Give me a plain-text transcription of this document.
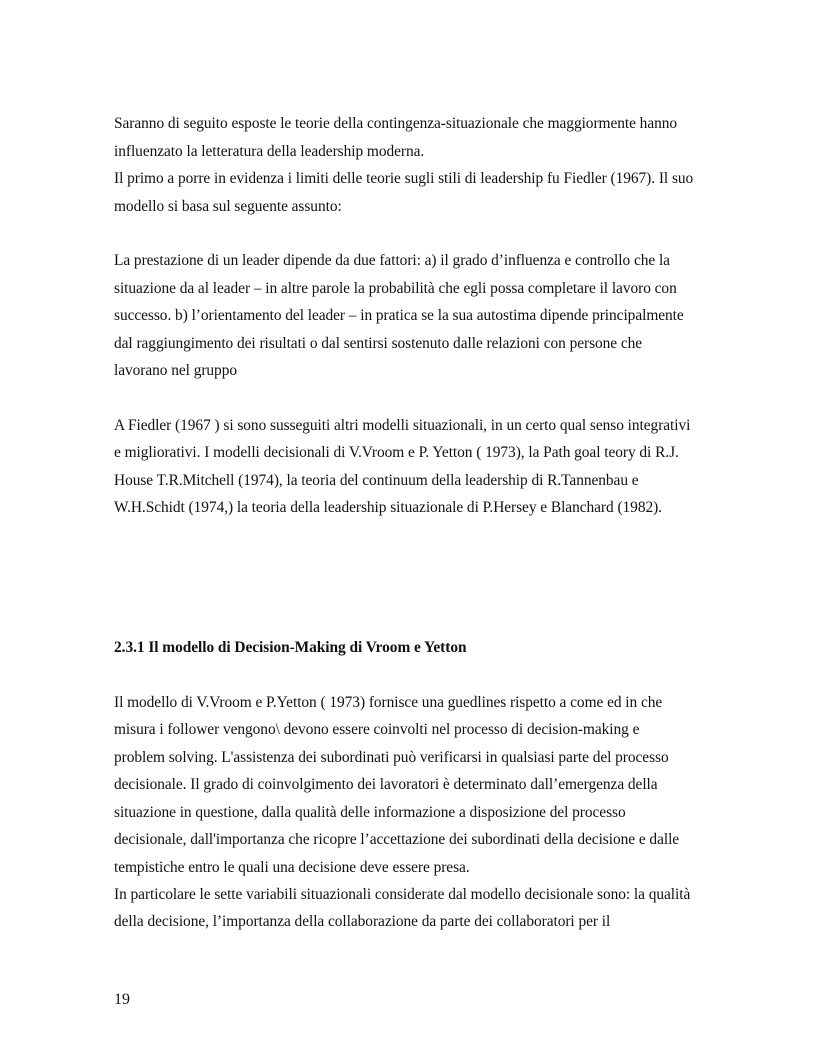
Saranno di seguito esposte le teorie della contingenza-situazionale che maggiormente hanno

influenzato la letteratura della leadership moderna.

Il primo a porre in evidenza i limiti delle teorie sugli stili di leadership fu Fiedler (1967). Il suo

modello si basa sul seguente assunto:

La prestazione di un leader dipende da due fattori: a) il grado d’influenza e controllo che la

situazione da al leader – in altre parole la probabilità che egli possa completare il lavoro con

successo. b) l’orientamento del leader – in pratica se la sua autostima dipende principalmente

dal raggiungimento dei risultati o dal sentirsi sostenuto dalle relazioni con persone che

lavorano nel gruppo

A Fiedler (1967 ) si sono susseguiti altri modelli situazionali, in un certo qual senso integrativi

e migliorativi. I modelli decisionali di V.Vroom e P. Yetton ( 1973), la Path goal teory di R.J.

House T.R.Mitchell (1974), la teoria del continuum della leadership di R.Tannenbau e

W.H.Schidt (1974,) la teoria della leadership situazionale di P.Hersey e Blanchard (1982).

2.3.1 Il modello di Decision-Making di Vroom e Yetton

Il modello di V.Vroom e P.Yetton ( 1973) fornisce una guedlines rispetto a come ed in che

misura i follower vengono\ devono essere coinvolti nel processo di decision-making e

problem solving. L'assistenza dei subordinati può verificarsi in qualsiasi parte del processo

decisionale. Il grado di coinvolgimento dei lavoratori è determinato dall’emergenza della

situazione in questione, dalla qualità delle informazione a disposizione del processo

decisionale, dall'importanza che ricopre l’accettazione dei subordinati della decisione e dalle

tempistiche entro le quali una decisione deve essere presa.

In particolare le sette variabili situazionali considerate dal modello decisionale sono: la qualità

della decisione, l’importanza della collaborazione da parte dei collaboratori per il

19
